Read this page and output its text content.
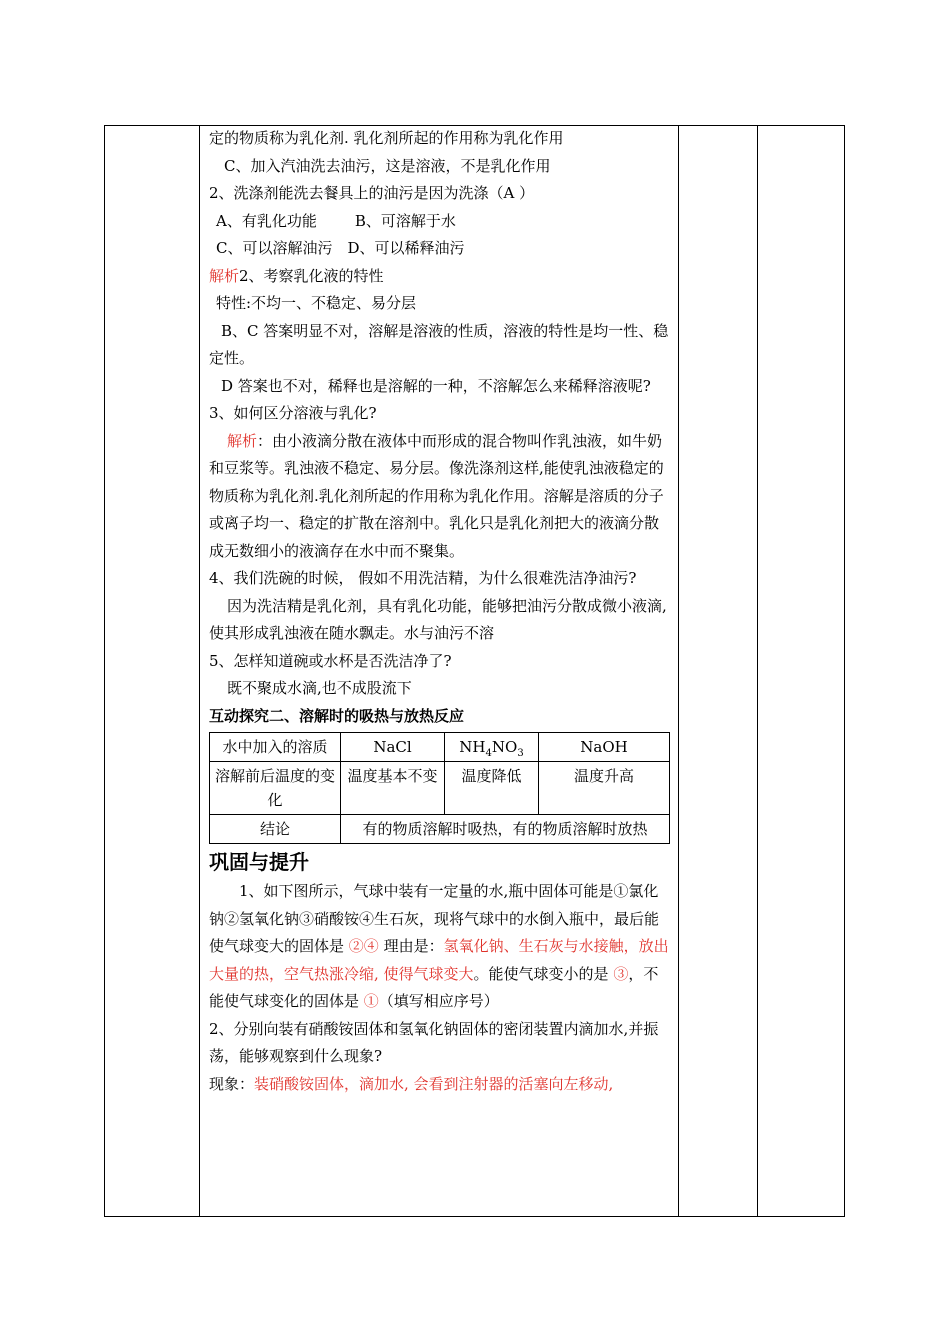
定的物质称为乳化剂. 乳化剂所起的作用称为乳化作用

C、加入汽油洗去油污，这是溶液，不是乳化作用

2、洗涤剂能洗去餐具上的油污是因为洗涤（A ）

A、有乳化功能	B、可溶解于水

C、可以溶解油污 D、可以稀释油污

解析2、考察乳化液的特性

特性:不均一、不稳定、易分层

B、C 答案明显不对，溶解是溶液的性质，溶液的特性是均一性、稳定性。

D 答案也不对，稀释也是溶解的一种，不溶解怎么来稀释溶液呢?

3、如何区分溶液与乳化?

解析：由小液滴分散在液体中而形成的混合物叫作乳浊液，如牛奶和豆浆等。乳浊液不稳定、易分层。像洗涤剂这样,能使乳浊液稳定的物质称为乳化剂.乳化剂所起的作用称为乳化作用。溶解是溶质的分子或离子均一、稳定的扩散在溶剂中。乳化只是乳化剂把大的液滴分散成无数细小的液滴存在水中而不聚集。

4、我们洗碗的时候， 假如不用洗洁精，为什么很难洗洁净油污?

因为洗洁精是乳化剂，具有乳化功能，能够把油污分散成微小液滴,使其形成乳浊液在随水飘走。水与油污不溶

5、怎样知道碗或水杯是否洗洁净了?

既不聚成水滴,也不成股流下

互动探究二、溶解时的吸热与放热反应

水中加入的溶质	NaCl	$NH_4NO_3$	NaOH
溶解前后温度的变化	温度基本不变	温度降低	温度升高
结论	有的物质溶解时吸热，有的物质溶解时放热		

巩固与提升

1、如下图所示，气球中装有一定量的水,瓶中固体可能是①氯化钠②氢氧化钠③硝酸铵④生石灰，现将气球中的水倒入瓶中，最后能使气球变大的固体是 ②④ 理由是：氢氧化钠、生石灰与水接触，放出大量的热，空气热涨冷缩, 使得气球变大。能使气球变小的是 ③，不能使气球变化的固体是 ①（填写相应序号）

2、分别向装有硝酸铵固体和氢氧化钠固体的密闭装置内滴加水,并振荡，能够观察到什么现象?

现象：装硝酸铵固体，滴加水, 会看到注射器的活塞向左移动,
